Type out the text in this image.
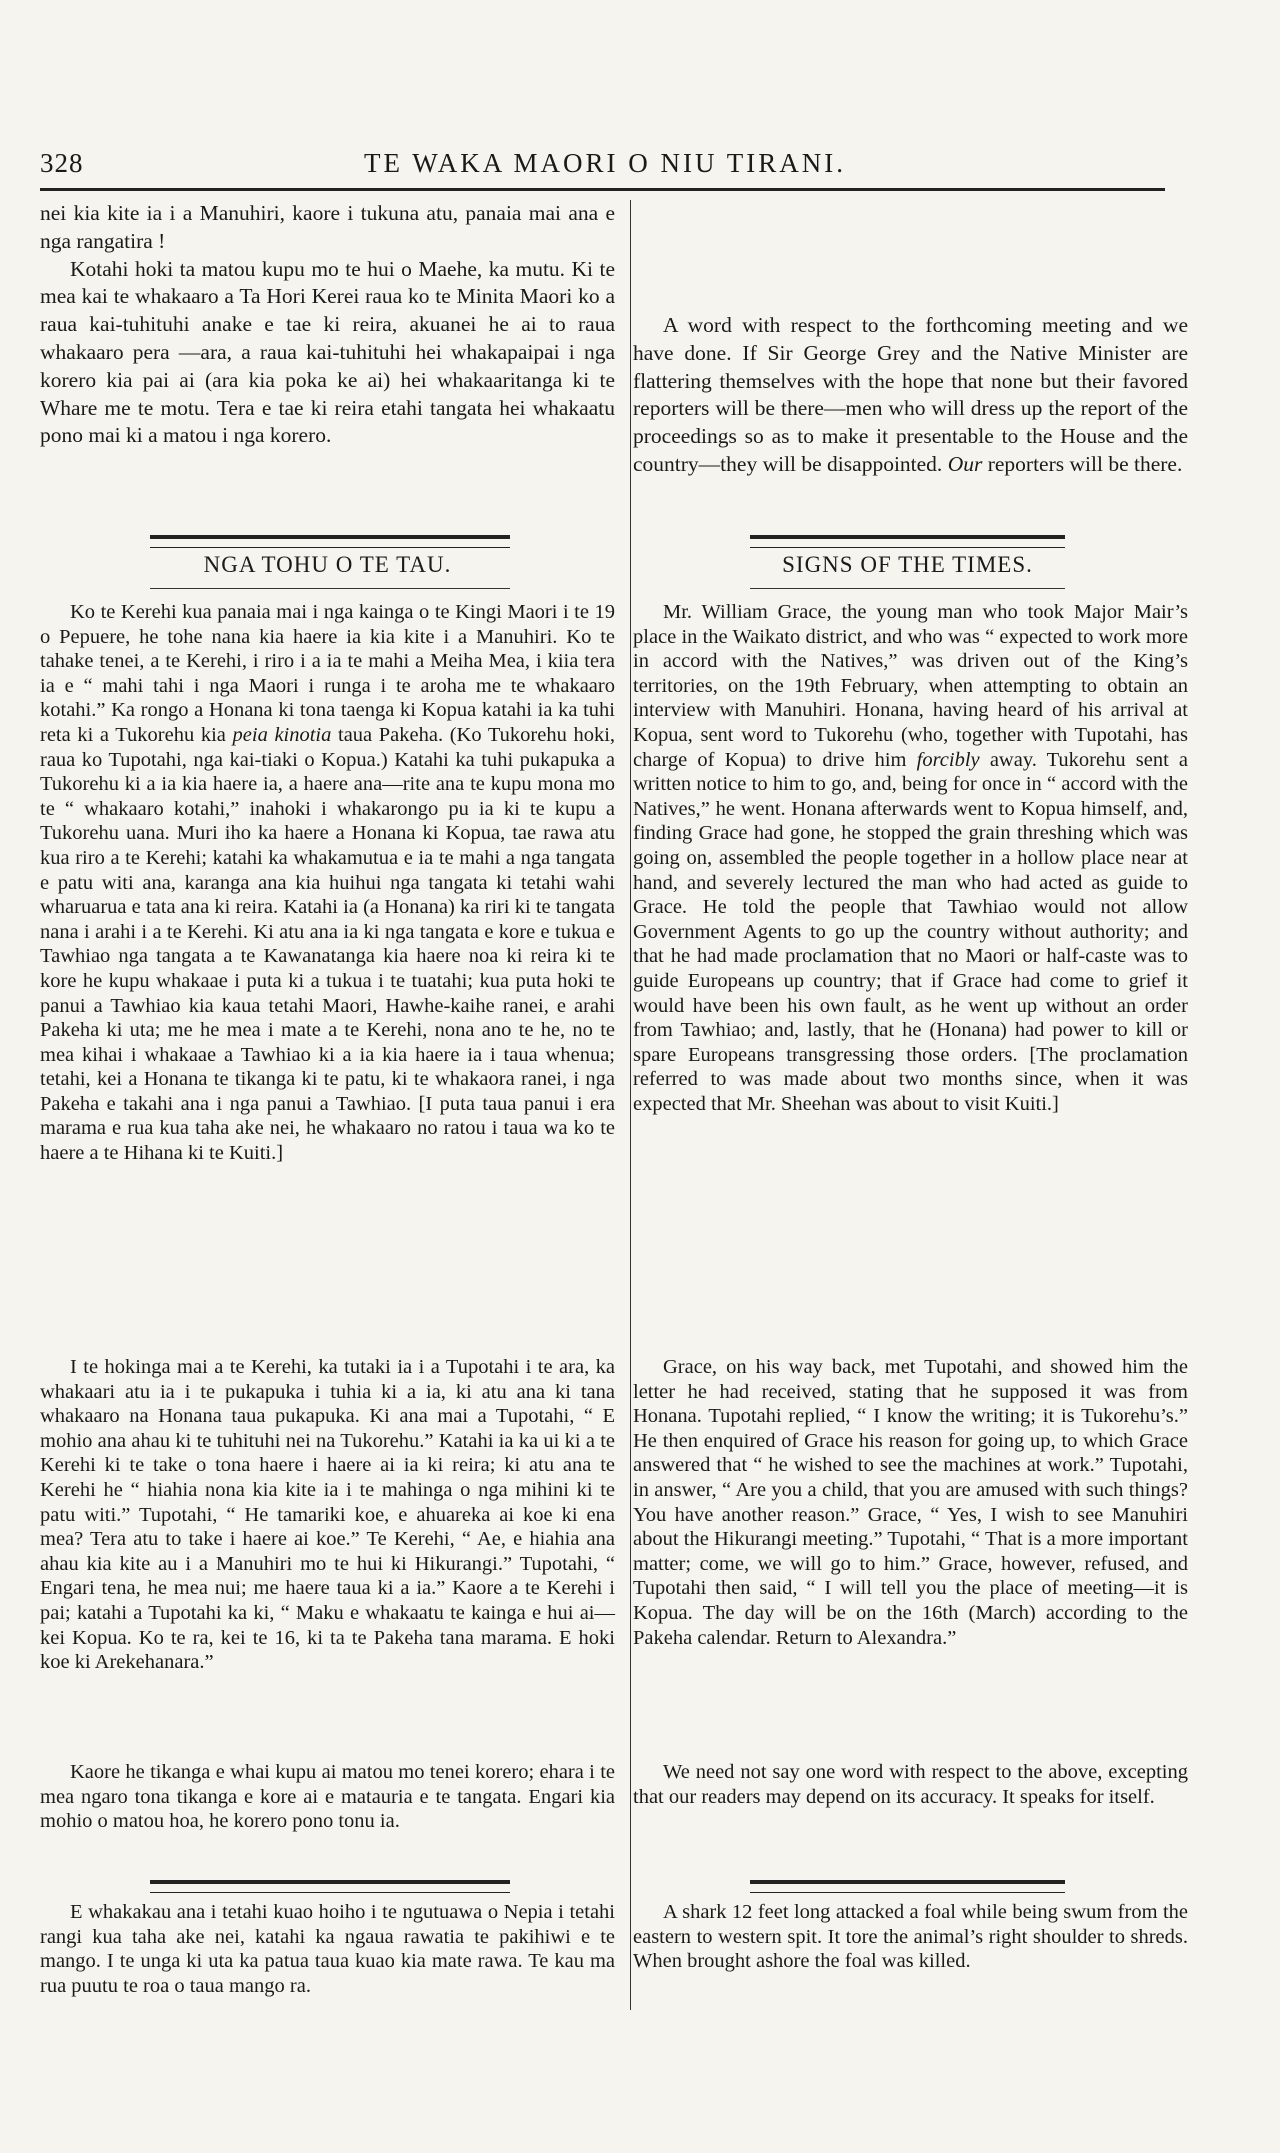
328	TE WAKA MAORI O NIU TIRANI.

nei kia kite ia i a Manuhiri, kaore i tukuna atu, panaia mai ana e nga rangatira !

Kotahi hoki ta matou kupu mo te hui o Maehe, ka mutu. Ki te mea kai te whakaaro a Ta Hori Kerei raua ko te Minita Maori ko a raua kai-tuhituhi anake e tae ki reira, akuanei he ai to raua whakaaro pera —ara, a raua kai-tuhituhi hei whakapaipai i nga korero kia pai ai (ara kia poka ke ai) hei whakaaritanga ki te Whare me te motu. Tera e tae ki reira etahi tangata hei whakaatu pono mai ki a matou i nga korero.

NGA TOHU O TE TAU.

Ko te Kerehi kua panaia mai i nga kainga o te Kingi Maori i te 19 o Pepuere, he tohe nana kia haere ia kia kite i a Manuhiri. Ko te tahake tenei, a te Kerehi, i riro i a ia te mahi a Meiha Mea, i kiia tera ia e “ mahi tahi i nga Maori i runga i te aroha me te whakaaro kotahi.” Ka rongo a Honana ki tona taenga ki Kopua katahi ia ka tuhi reta ki a Tukorehu kia peia kinotia taua Pakeha. (Ko Tukorehu hoki, raua ko Tupotahi, nga kai-tiaki o Kopua.) Katahi ka tuhi pukapuka a Tukorehu ki a ia kia haere ia, a haere ana—rite ana te kupu mona mo te “ whakaaro kotahi,” inahoki i whakarongo pu ia ki te kupu a Tukorehu uana. Muri iho ka haere a Honana ki Kopua, tae rawa atu kua riro a te Kerehi; katahi ka whakamutua e ia te mahi a nga tangata e patu witi ana, karanga ana kia huihui nga tangata ki tetahi wahi wharuarua e tata ana ki reira. Katahi ia (a Honana) ka riri ki te tangata nana i arahi i a te Kerehi. Ki atu ana ia ki nga tangata e kore e tukua e Tawhiao nga tangata a te Kawanatanga kia haere noa ki reira ki te kore he kupu whakaae i puta ki a tukua i te tuatahi; kua puta hoki te panui a Tawhiao kia kaua tetahi Maori, Hawhe-kaihe ranei, e arahi Pakeha ki uta; me he mea i mate a te Kerehi, nona ano te he, no te mea kihai i whakaae a Tawhiao ki a ia kia haere ia i taua whenua; tetahi, kei a Honana te tikanga ki te patu, ki te whakaora ranei, i nga Pakeha e takahi ana i nga panui a Tawhiao. [I puta taua panui i era marama e rua kua taha ake nei, he whakaaro no ratou i taua wa ko te haere a te Hihana ki te Kuiti.]

I te hokinga mai a te Kerehi, ka tutaki ia i a Tupotahi i te ara, ka whakaari atu ia i te pukapuka i tuhia ki a ia, ki atu ana ki tana whakaaro na Honana taua pukapuka. Ki ana mai a Tupotahi, “ E mohio ana ahau ki te tuhituhi nei na Tukorehu.” Katahi ia ka ui ki a te Kerehi ki te take o tona haere i haere ai ia ki reira; ki atu ana te Kerehi he “ hiahia nona kia kite ia i te mahinga o nga mihini ki te patu witi.” Tupotahi, “ He tamariki koe, e ahuareka ai koe ki ena mea? Tera atu to take i haere ai koe.” Te Kerehi, “ Ae, e hiahia ana ahau kia kite au i a Manuhiri mo te hui ki Hikurangi.” Tupotahi, “ Engari tena, he mea nui; me haere taua ki a ia.” Kaore a te Kerehi i pai; katahi a Tupotahi ka ki, “ Maku e whakaatu te kainga e hui ai—kei Kopua. Ko te ra, kei te 16, ki ta te Pakeha tana marama. E hoki koe ki Arekehanara.”

Kaore he tikanga e whai kupu ai matou mo tenei korero; ehara i te mea ngaro tona tikanga e kore ai e matauria e te tangata. Engari kia mohio o matou hoa, he korero pono tonu ia.

E whakakau ana i tetahi kuao hoiho i te ngutuawa o Nepia i tetahi rangi kua taha ake nei, katahi ka ngaua rawatia te pakihiwi e te mango. I te unga ki uta ka patua taua kuao kia mate rawa. Te kau ma rua puutu te roa o taua mango ra.

A word with respect to the forthcoming meeting and we have done. If Sir George Grey and the Native Minister are flattering themselves with the hope that none but their favored reporters will be there—men who will dress up the report of the proceedings so as to make it presentable to the House and the country—they will be disappointed. Our reporters will be there.

SIGNS OF THE TIMES.

Mr. William Grace, the young man who took Major Mair’s place in the Waikato district, and who was “ expected to work more in accord with the Natives,” was driven out of the King’s territories, on the 19th February, when attempting to obtain an interview with Manuhiri. Honana, having heard of his arrival at Kopua, sent word to Tukorehu (who, together with Tupotahi, has charge of Kopua) to drive him forcibly away. Tukorehu sent a written notice to him to go, and, being for once in “ accord with the Natives,” he went. Honana afterwards went to Kopua himself, and, finding Grace had gone, he stopped the grain threshing which was going on, assembled the people together in a hollow place near at hand, and severely lectured the man who had acted as guide to Grace. He told the people that Tawhiao would not allow Government Agents to go up the country without authority; and that he had made proclamation that no Maori or half-caste was to guide Europeans up country; that if Grace had come to grief it would have been his own fault, as he went up without an order from Tawhiao; and, lastly, that he (Honana) had power to kill or spare Europeans transgressing those orders. [The proclamation referred to was made about two months since, when it was expected that Mr. Sheehan was about to visit Kuiti.]

Grace, on his way back, met Tupotahi, and showed him the letter he had received, stating that he supposed it was from Honana. Tupotahi replied, “ I know the writing; it is Tukorehu’s.” He then enquired of Grace his reason for going up, to which Grace answered that “ he wished to see the machines at work.” Tupotahi, in answer, “ Are you a child, that you are amused with such things? You have another reason.” Grace, “ Yes, I wish to see Manuhiri about the Hikurangi meeting.” Tupotahi, “ That is a more important matter; come, we will go to him.” Grace, however, refused, and Tupotahi then said, “ I will tell you the place of meeting—it is Kopua. The day will be on the 16th (March) according to the Pakeha calendar. Return to Alexandra.”

We need not say one word with respect to the above, excepting that our readers may depend on its accuracy. It speaks for itself.

A shark 12 feet long attacked a foal while being swum from the eastern to western spit. It tore the animal’s right shoulder to shreds. When brought ashore the foal was killed.
